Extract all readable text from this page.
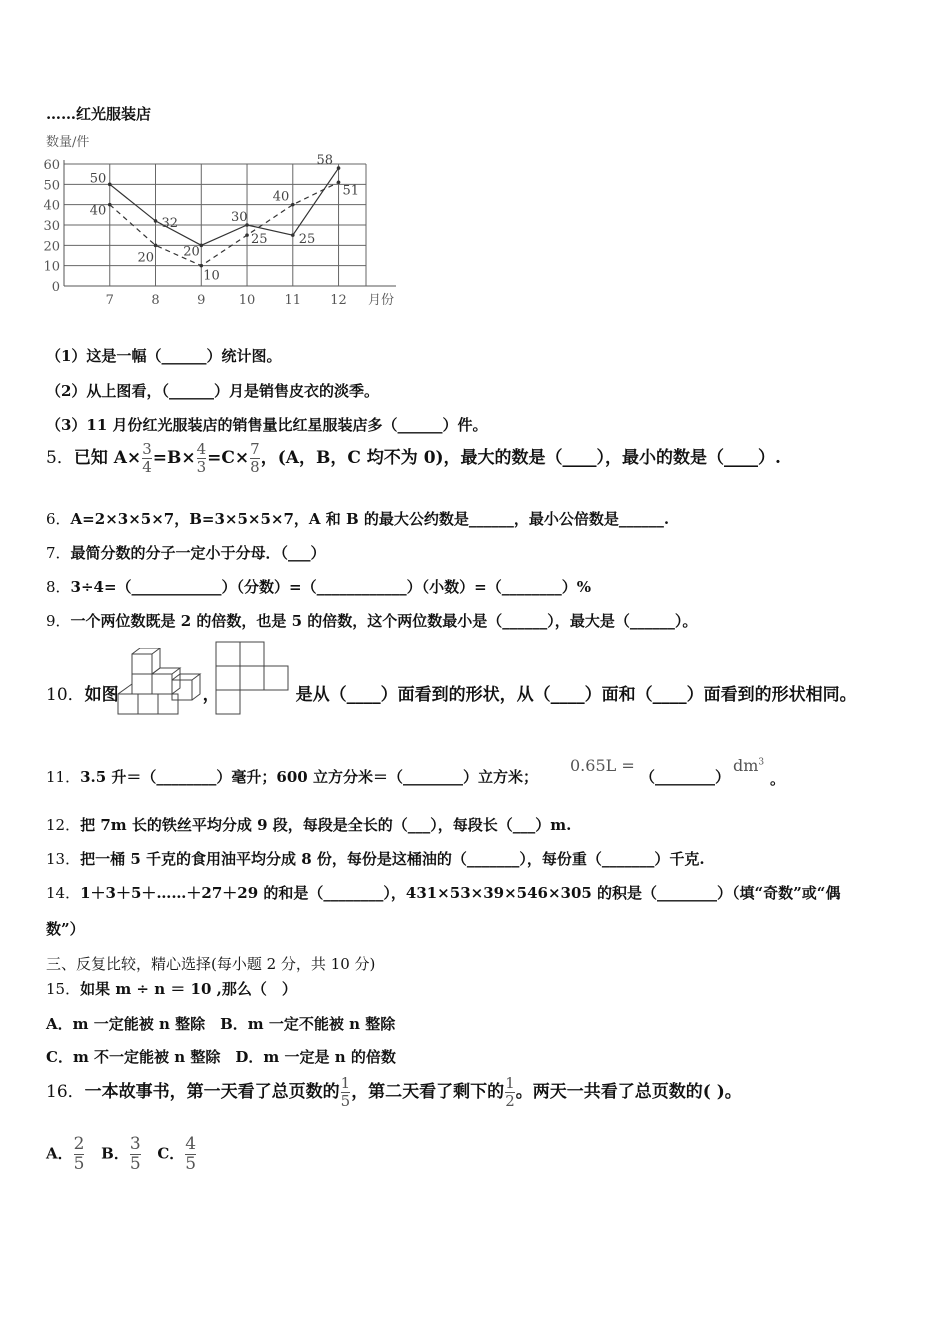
……红光服装店
数量/件
0
10
20
30
40
50
60
7	8	9	10 11 12
50
32
20
30
25
58
40
20
10
25
40	51
月份
（1）这是一幅（______）统计图。
（2）从上图看，（______）月是销售皮衣的淡季。
（3）11 月份红光服装店的销售量比红星服装店多（______）件。
5．已知 $A\times \frac{3}{4} =B\times \frac{4}{3} =C\times \frac{7}{8}$ ，(A，B，C 均不为 0)，最大的数是（____），最小的数是（____）.
6．A=2×3×5×7，B=3×5×5×7，A 和 B 的最大公约数是______，最小公倍数是______.
7．最简分数的分子一定小于分母．（___）
8．3÷4=（____________）（分数）=（____________）（小数）=（________）%
9．一个两位数既是 2 的倍数，也是 5 的倍数，这个两位数最小是（______），最大是（______）。
10．如图	，	是从（____）面看到的形状，从（____）面和（____）面看到的形状相同。
11．3.5 升＝（________）毫升；600 立方分米＝（________）立方米；
0.65L =
（________）
$dm^3$
。
12．把 7m 长的铁丝平均分成 9 段，每段是全长的（___），每段长（___）m.
13．把一桶 5 千克的食用油平均分成 8 份，每份是这桶油的（_______），每份重（_______）千克.
14．1＋3＋5＋……＋27＋29 的和是（________），431×53×39×546×305 的积是（________）（填“奇数”或“偶
数”）
三、反复比较，精心选择(每小题 2 分，共 10 分)
15．如果 m ÷ n ＝ 10 ,那么（　）
A．m 一定能被 n 整除　B．m 一定不能被 n 整除
C．m 不一定能被 n 整除　D．m 一定是 n 的倍数
16．一本故事书，第一天看了总页数的 $\frac{1}{5}$ ，第二天看了剩下的 $\frac{1}{2}$ 。两天一共看了总页数的( )。
A． $\frac{2}{5}$ B． $\frac{3}{5}$ C． $\frac{4}{5}$
